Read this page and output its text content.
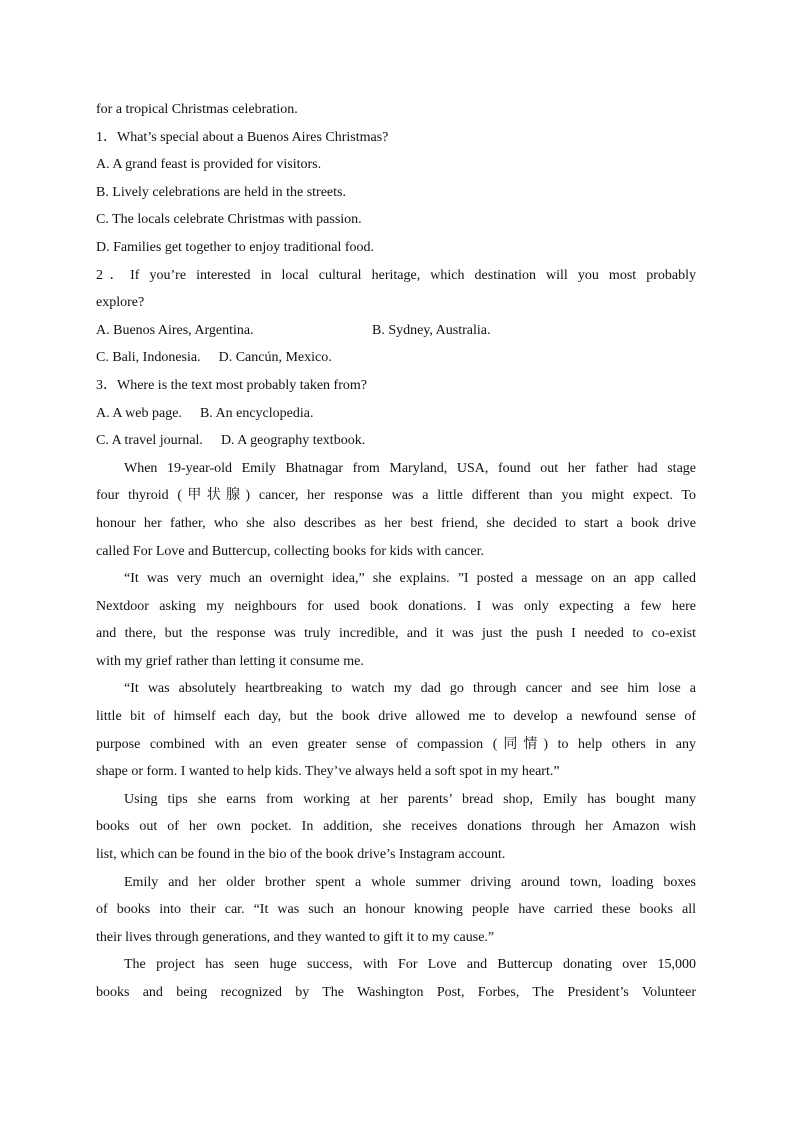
for a tropical Christmas celebration.
1．What’s special about a Buenos Aires Christmas?
A. A grand feast is provided for visitors.
B. Lively celebrations are held in the streets.
C. The locals celebrate Christmas with passion.
D. Families get together to enjoy traditional food.
2．If you’re interested in local cultural heritage, which destination will you most probably
explore?
A. Buenos Aires, Argentina.	B. Sydney, Australia.
C. Bali, Indonesia. D. Cancún, Mexico.
3．Where is the text most probably taken from?
A. A web page. B. An encyclopedia.
C. A travel journal. D. A geography textbook.
When 19-year-old Emily Bhatnagar from Maryland, USA, found out her father had stage
four thyroid (甲状腺) cancer, her response was a little different than you might expect. To
honour her father, who she also describes as her best friend, she decided to start a book drive
called For Love and Buttercup, collecting books for kids with cancer.
“It was very much an overnight idea,” she explains. ”I posted a message on an app called
Nextdoor asking my neighbours for used book donations. I was only expecting a few here
and there, but the response was truly incredible, and it was just the push I needed to co-exist
with my grief rather than letting it consume me.
“It was absolutely heartbreaking to watch my dad go through cancer and see him lose a
little bit of himself each day, but the book drive allowed me to develop a newfound sense of
purpose combined with an even greater sense of compassion (同情) to help others in any
shape or form. I wanted to help kids. They’ve always held a soft spot in my heart.”
Using tips she earns from working at her parents’ bread shop, Emily has bought many
books out of her own pocket. In addition, she receives donations through her Amazon wish
list, which can be found in the bio of the book drive’s Instagram account.
Emily and her older brother spent a whole summer driving around town, loading boxes
of books into their car. “It was such an honour knowing people have carried these books all
their lives through generations, and they wanted to gift it to my cause.”
The project has seen huge success, with For Love and Buttercup donating over 15,000
books and being recognized by The Washington Post, Forbes, The President’s Volunteer
